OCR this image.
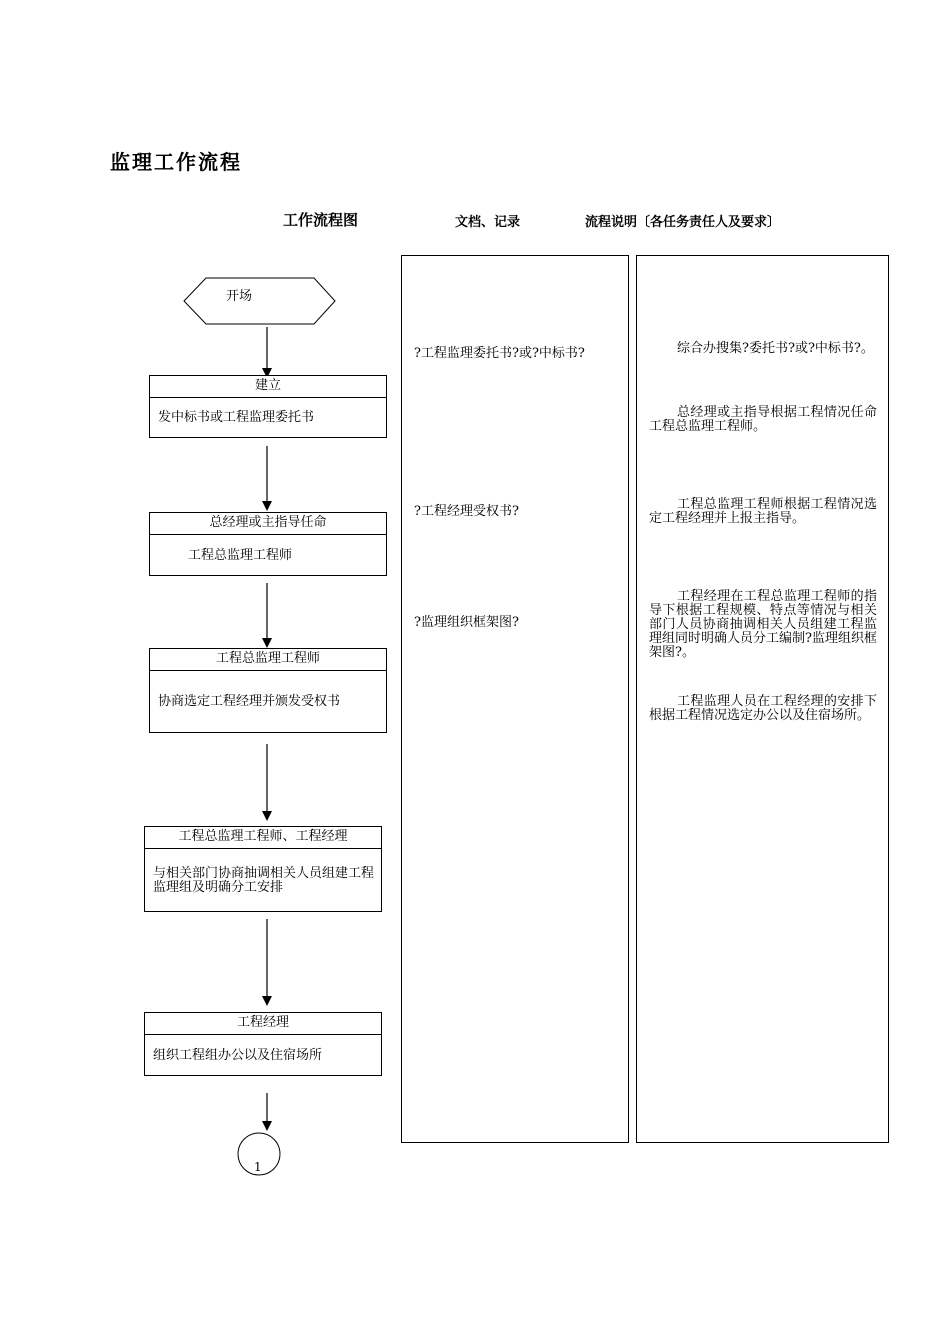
监理工作流程
工作流程图	文档、记录	流程说明〔各任务责任人及要求〕
开场
建立
发中标书或工程监理委托书
总经理或主指导任命
工程总监理工程师
工程总监理工程师
协商选定工程经理并颁发受权书
工程总监理工程师、工程经理
与相关部门协商抽调相关人员组建工程监理组及明确分工安排
工程经理
组织工程组办公以及住宿场所
1
?工程监理委托书?或?中标书?
?工程经理受权书?
?监理组织框架图?
综合办搜集?委托书?或?中标书?。
总经理或主指导根据工程情况任命工程总监理工程师。
工程总监理工程师根据工程情况选定工程经理并上报主指导。
工程经理在工程总监理工程师的指导下根据工程规模、特点等情况与相关部门人员协商抽调相关人员组建工程监理组同时明确人员分工编制?监理组织框架图?。
工程监理人员在工程经理的安排下根据工程情况选定办公以及住宿场所。
